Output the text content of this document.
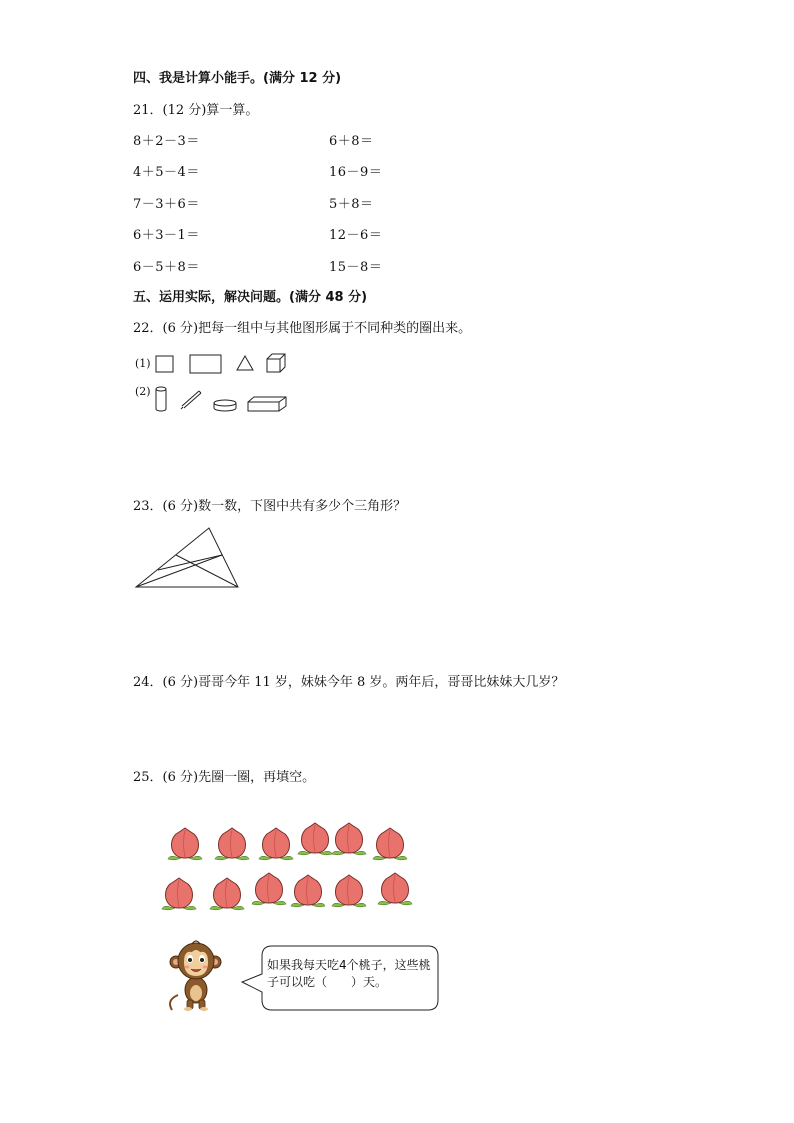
四、我是计算小能手。(满分 12 分)
21．(12 分)算一算。
8＋2－3＝
4＋5－4＝
7－3＋6＝
6＋3－1＝
6－5＋8＝
6＋8＝
16－9＝
5＋8＝
12－6＝
15－8＝
五、运用实际，解决问题。(满分 48 分)
22．(6 分)把每一组中与其他图形属于不同种类的圈出来。
(1)
(2)
23．(6 分)数一数，下图中共有多少个三角形？
24．(6 分)哥哥今年 11 岁，妹妹今年 8 岁。两年后，哥哥比妹妹大几岁？
25．(6 分)先圈一圈，再填空。
如果我每天吃4个桃子，这些桃
子可以吃（　　）天。
